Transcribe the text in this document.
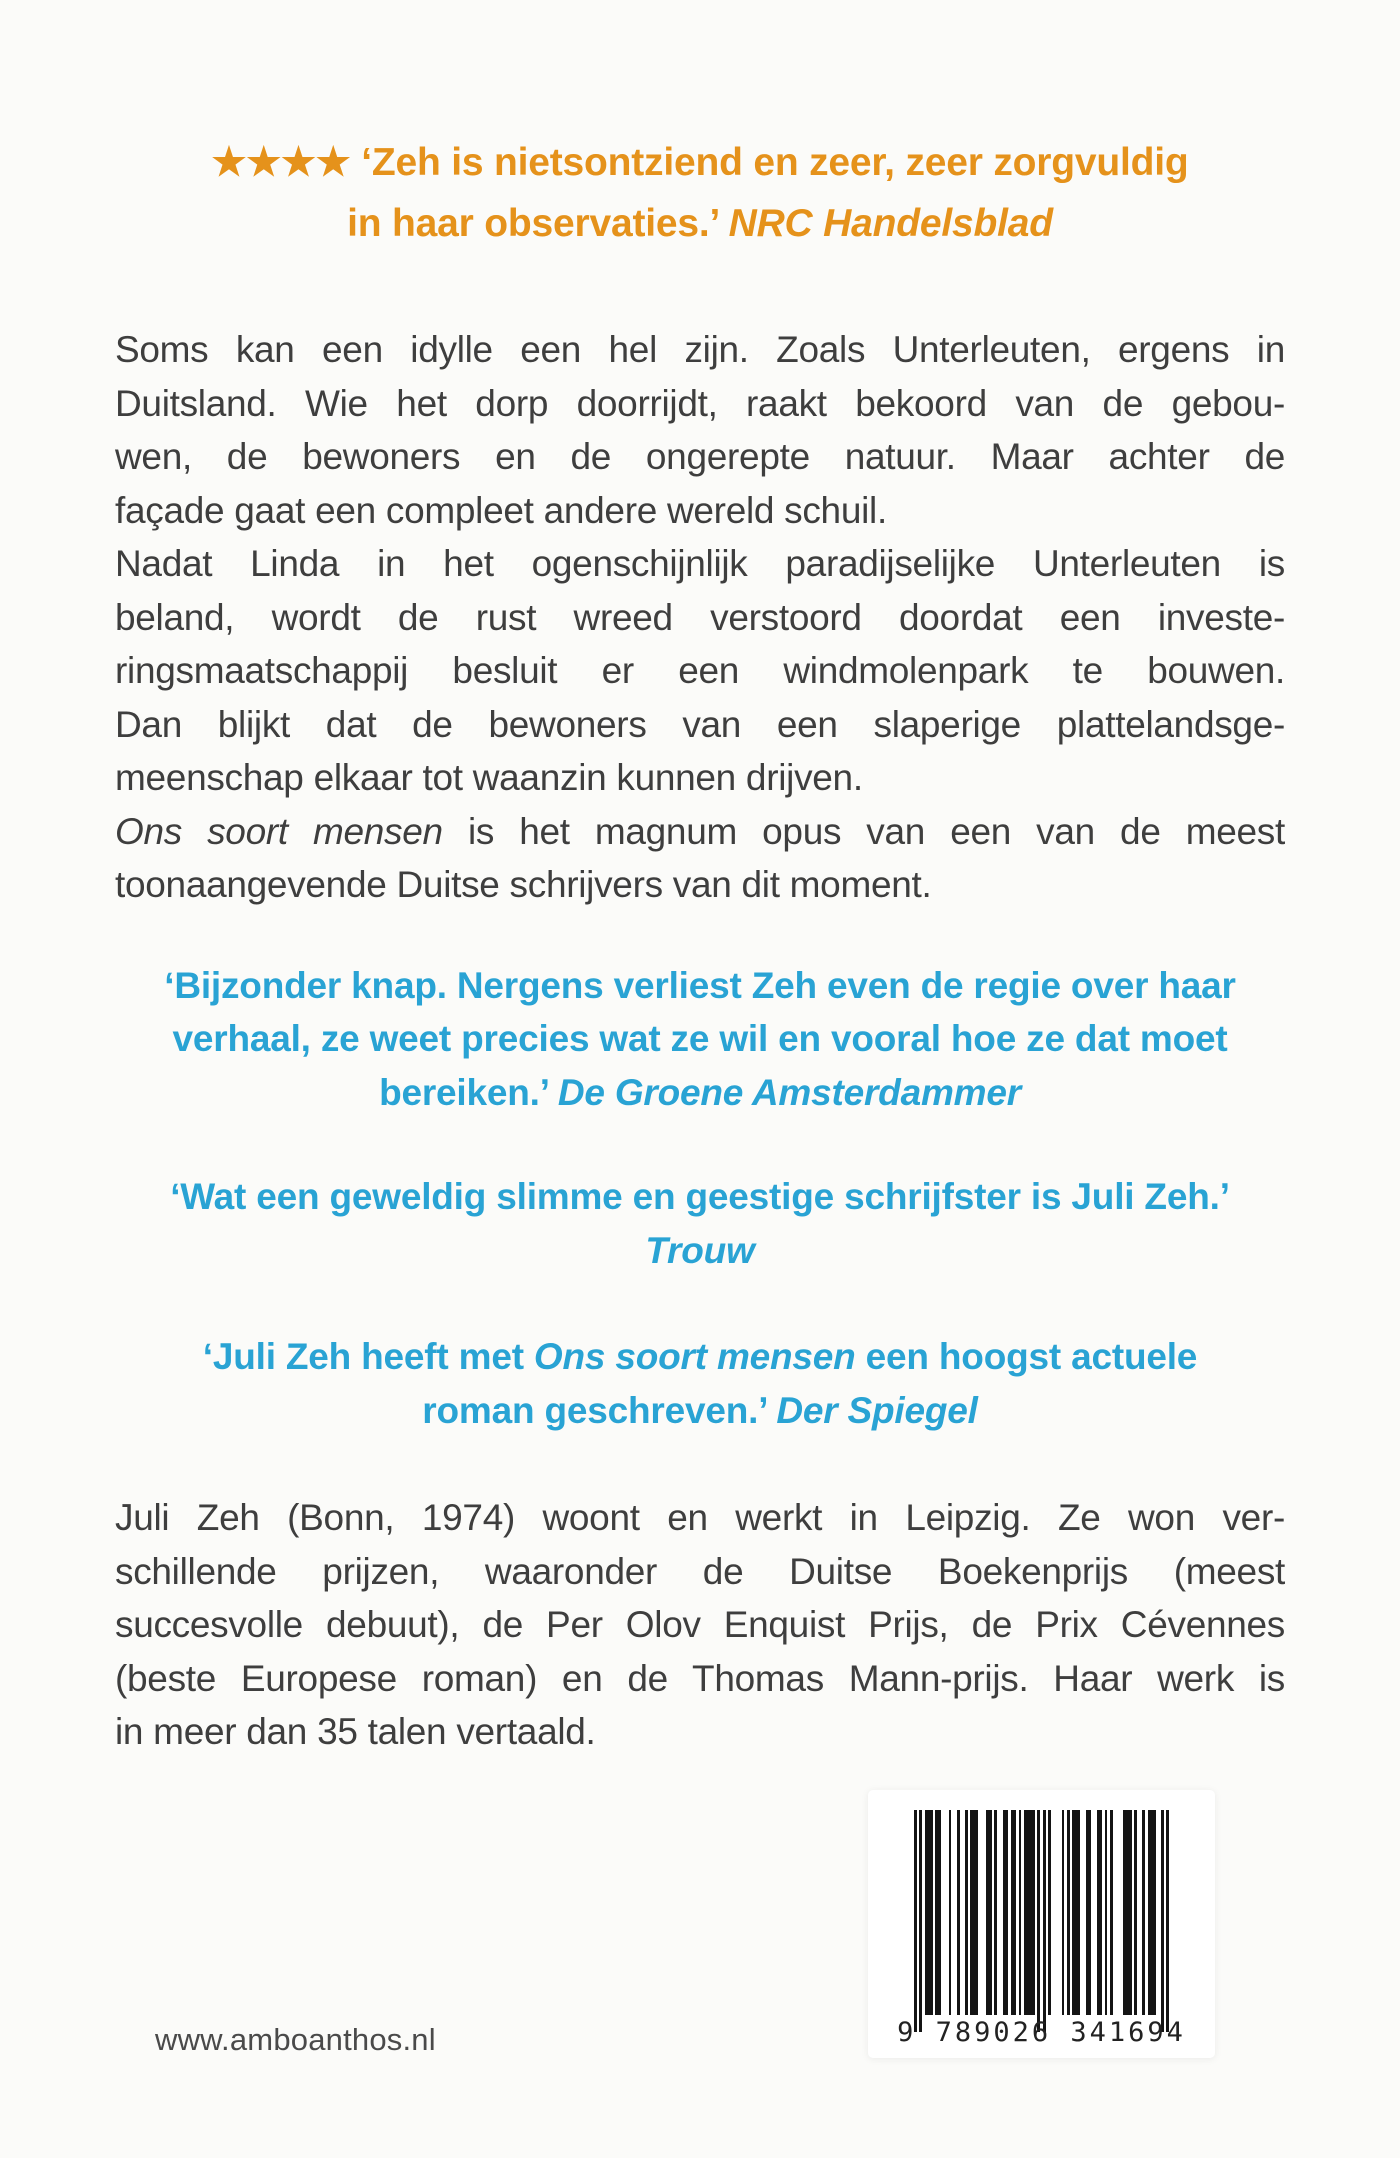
★★★★ ‘Zeh is nietsontziend en zeer, zeer zorgvuldig
in haar observaties.’ NRC Handelsblad
Soms kan een idylle een hel zijn. Zoals Unterleuten, ergens in
Duitsland. Wie het dorp doorrijdt, raakt bekoord van de gebou-
wen, de bewoners en de ongerepte natuur. Maar achter de
façade gaat een compleet andere wereld schuil.
Nadat Linda in het ogenschijnlijk paradijselijke Unterleuten is
beland, wordt de rust wreed verstoord doordat een investe-
ringsmaatschappij besluit er een windmolenpark te bouwen.
Dan blijkt dat de bewoners van een slaperige plattelandsge-
meenschap elkaar tot waanzin kunnen drijven.
Ons soort mensen is het magnum opus van een van de meest
toonaangevende Duitse schrijvers van dit moment.
‘Bijzonder knap. Nergens verliest Zeh even de regie over haar
verhaal, ze weet precies wat ze wil en vooral hoe ze dat moet
bereiken.’ De Groene Amsterdammer
‘Wat een geweldig slimme en geestige schrijfster is Juli Zeh.’
Trouw
‘Juli Zeh heeft met Ons soort mensen een hoogst actuele
roman geschreven.’ Der Spiegel
Juli Zeh (Bonn, 1974) woont en werkt in Leipzig. Ze won ver-
schillende prijzen, waaronder de Duitse Boekenprijs (meest
succesvolle debuut), de Per Olov Enquist Prijs, de Prix Cévennes
(beste Europese roman) en de Thomas Mann-prijs. Haar werk is
in meer dan 35 talen vertaald.
www.amboanthos.nl	9 789026 341694
